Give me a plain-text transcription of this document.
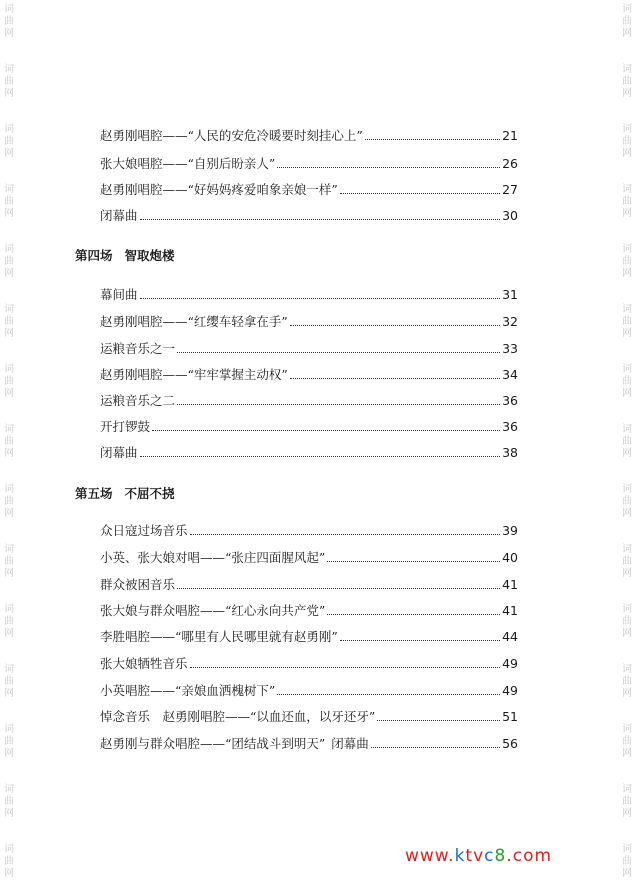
词
曲
网
词
曲
网
词
曲
网
词
曲
网
词
曲
网
词
曲
网
词
曲
网
词
曲
网
词
曲
网
词
曲
网
词
曲
网
词
曲
网
词
曲
网
词
曲
网
词
曲
网
词
曲
网
词
曲
网
词
曲
网
词
曲
网
词
曲
网
词
曲
网
词
曲
网
词
曲
网
词
曲
网
词
曲
网
词
曲
网
词
曲
网
词
曲
网
词
曲
网
词
曲
网
赵勇刚唱腔——“人民的安危冷暖要时刻挂心上”	21
张大娘唱腔——“自别后盼亲人”	26
赵勇刚唱腔——“好妈妈疼爱咱象亲娘一样”	27
闭幕曲	30
第四场 智取炮楼
幕间曲	31
赵勇刚唱腔——“红缨车轻拿在手”	32
运粮音乐之一	33
赵勇刚唱腔——“牢牢掌握主动权”	34
运粮音乐之二	36
开打锣鼓	36
闭幕曲	38
第五场 不屈不挠
众日寇过场音乐	39
小英、张大娘对唱——“张庄四面腥风起”	40
群众被困音乐	41
张大娘与群众唱腔——“红心永向共产党”	41
李胜唱腔——“哪里有人民哪里就有赵勇刚”	44
张大娘牺牲音乐	49
小英唱腔——“亲娘血洒槐树下”	49
悼念音乐　赵勇刚唱腔——“以血还血，以牙还牙”	51
赵勇刚与群众唱腔——“团结战斗到明天” 闭幕曲	56
www.ktvc8.com
